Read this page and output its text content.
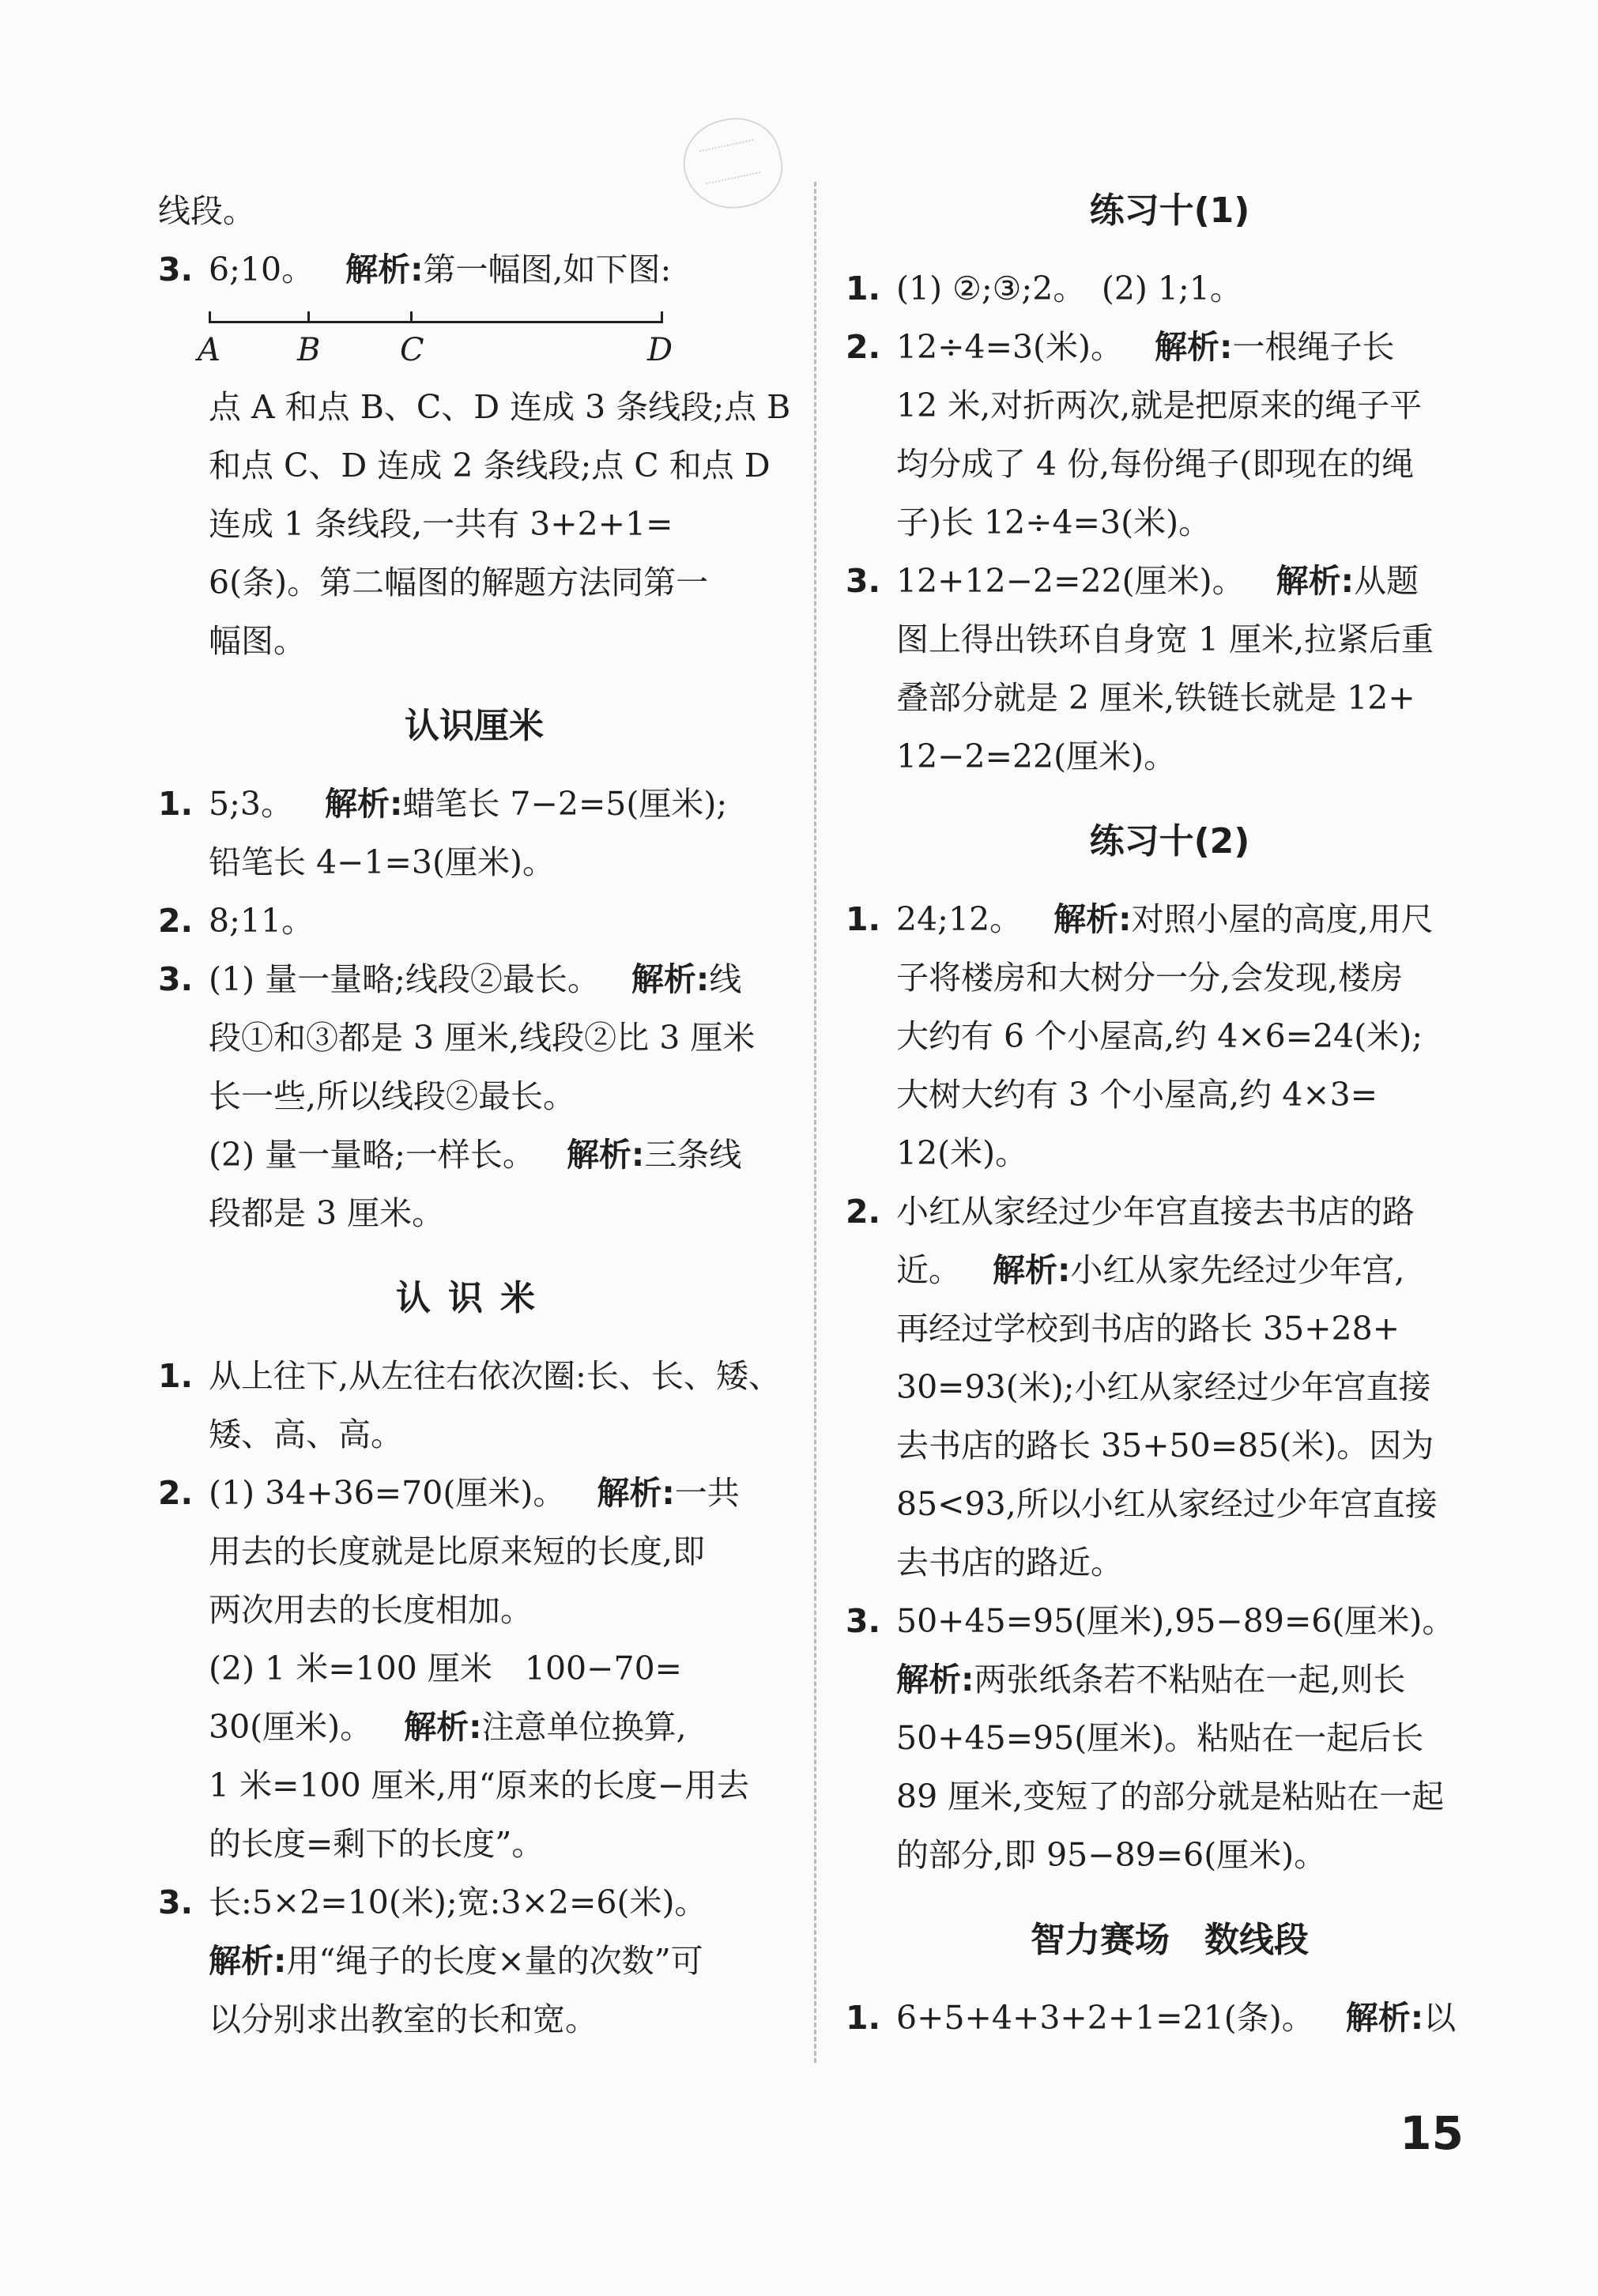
线段。
3. 6;10。 解析:第一幅图,如下图:
A B	C	D
点 A 和点 B、C、D 连成 3 条线段;点 B
和点 C、D 连成 2 条线段;点 C 和点 D
连成 1 条线段,一共有 3+2+1=
6(条)。第二幅图的解题方法同第一
幅图。
认识厘米
1. 5;3。 解析:蜡笔长 7−2=5(厘米);
铅笔长 4−1=3(厘米)。
2. 8;11。
3. (1) 量一量略;线段②最长。 解析:线
段①和③都是 3 厘米,线段②比 3 厘米
长一些,所以线段②最长。
(2) 量一量略;一样长。 解析:三条线
段都是 3 厘米。
认识米
1. 从上往下,从左往右依次圈:长、长、矮、
矮、高、高。
2. (1) 34+36=70(厘米)。 解析:一共
用去的长度就是比原来短的长度,即
两次用去的长度相加。
(2) 1 米=100 厘米　100−70=
30(厘米)。 解析:注意单位换算,
1 米=100 厘米,用“原来的长度−用去
的长度=剩下的长度”。
3. 长:5×2=10(米);宽:3×2=6(米)。
解析:用“绳子的长度×量的次数”可
以分别求出教室的长和宽。
练习十(1)
1. (1) ②;③;2。　(2) 1;1。
2. 12÷4=3(米)。 解析:一根绳子长
12 米,对折两次,就是把原来的绳子平
均分成了 4 份,每份绳子(即现在的绳
子)长 12÷4=3(米)。
3. 12+12−2=22(厘米)。 解析:从题
图上得出铁环自身宽 1 厘米,拉紧后重
叠部分就是 2 厘米,铁链长就是 12+
12−2=22(厘米)。
练习十(2)
1. 24;12。 解析:对照小屋的高度,用尺
子将楼房和大树分一分,会发现,楼房
大约有 6 个小屋高,约 4×6=24(米);
大树大约有 3 个小屋高,约 4×3=
12(米)。
2. 小红从家经过少年宫直接去书店的路
近。 解析:小红从家先经过少年宫,
再经过学校到书店的路长 35+28+
30=93(米);小红从家经过少年宫直接
去书店的路长 35+50=85(米)。因为
85<93,所以小红从家经过少年宫直接
去书店的路近。
3. 50+45=95(厘米),95−89=6(厘米)。
解析:两张纸条若不粘贴在一起,则长
50+45=95(厘米)。粘贴在一起后长
89 厘米,变短了的部分就是粘贴在一起
的部分,即 95−89=6(厘米)。
智力赛场　数线段
1. 6+5+4+3+2+1=21(条)。 解析:以
15
